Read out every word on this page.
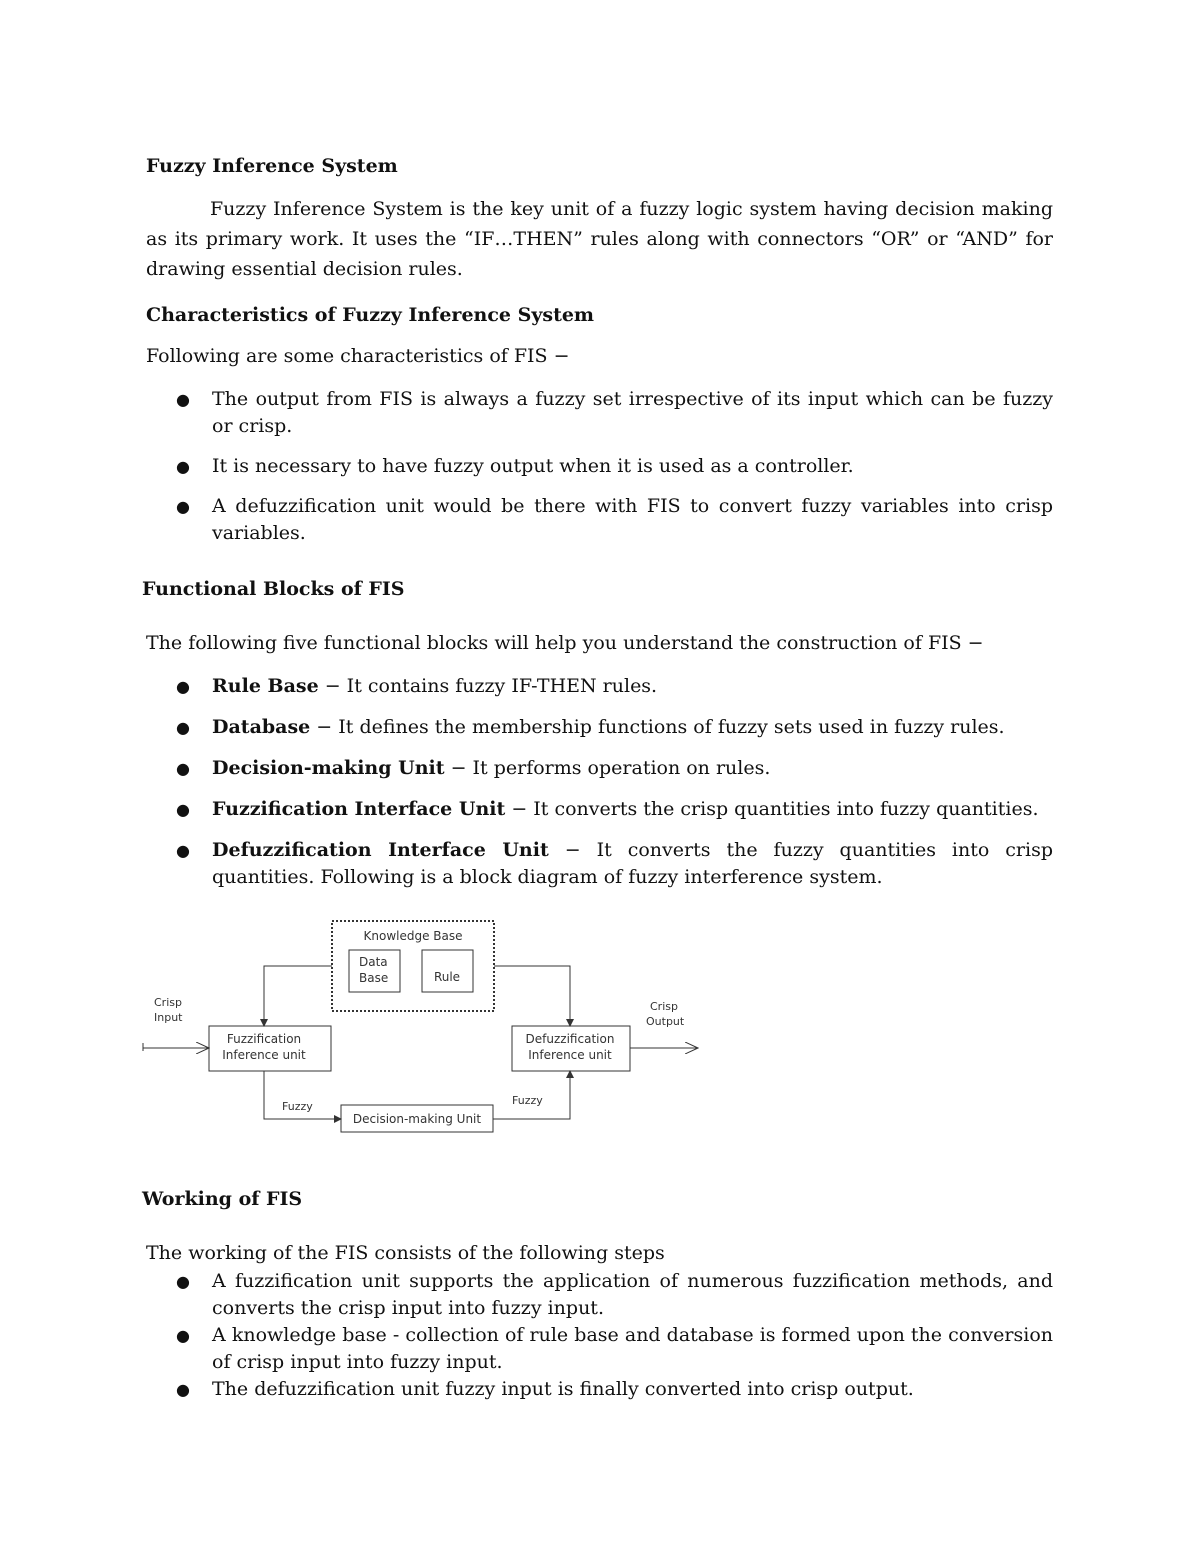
Fuzzy Inference System

Fuzzy Inference System is the key unit of a fuzzy logic system having decision making as its primary work. It uses the “IF…THEN” rules along with connectors “OR” or “AND” for drawing essential decision rules.

Characteristics of Fuzzy Inference System

Following are some characteristics of FIS −

● The output from FIS is always a fuzzy set irrespective of its input which can be fuzzy or crisp.
● It is necessary to have fuzzy output when it is used as a controller.
● A defuzzification unit would be there with FIS to convert fuzzy variables into crisp variables.

Functional Blocks of FIS

The following five functional blocks will help you understand the construction of FIS −

● Rule Base − It contains fuzzy IF-THEN rules.
● Database − It defines the membership functions of fuzzy sets used in fuzzy rules.
● Decision-making Unit − It performs operation on rules.
● Fuzzification Interface Unit − It converts the crisp quantities into fuzzy quantities.
● Defuzzification Interface Unit − It converts the fuzzy quantities into crisp quantities. Following is a block diagram of fuzzy interference system.
Knowledge Base
Data
Base	Rule
Fuzzification
Inference unit
Defuzzification
Inference unit
Decision-making Unit
Crisp
Input
Crisp
Output
Fuzzy	Fuzzy

Working of FIS

The working of the FIS consists of the following steps

● A fuzzification unit supports the application of numerous fuzzification methods, and converts the crisp input into fuzzy input.
● A knowledge base - collection of rule base and database is formed upon the conversion of crisp input into fuzzy input.
● The defuzzification unit fuzzy input is finally converted into crisp output.
